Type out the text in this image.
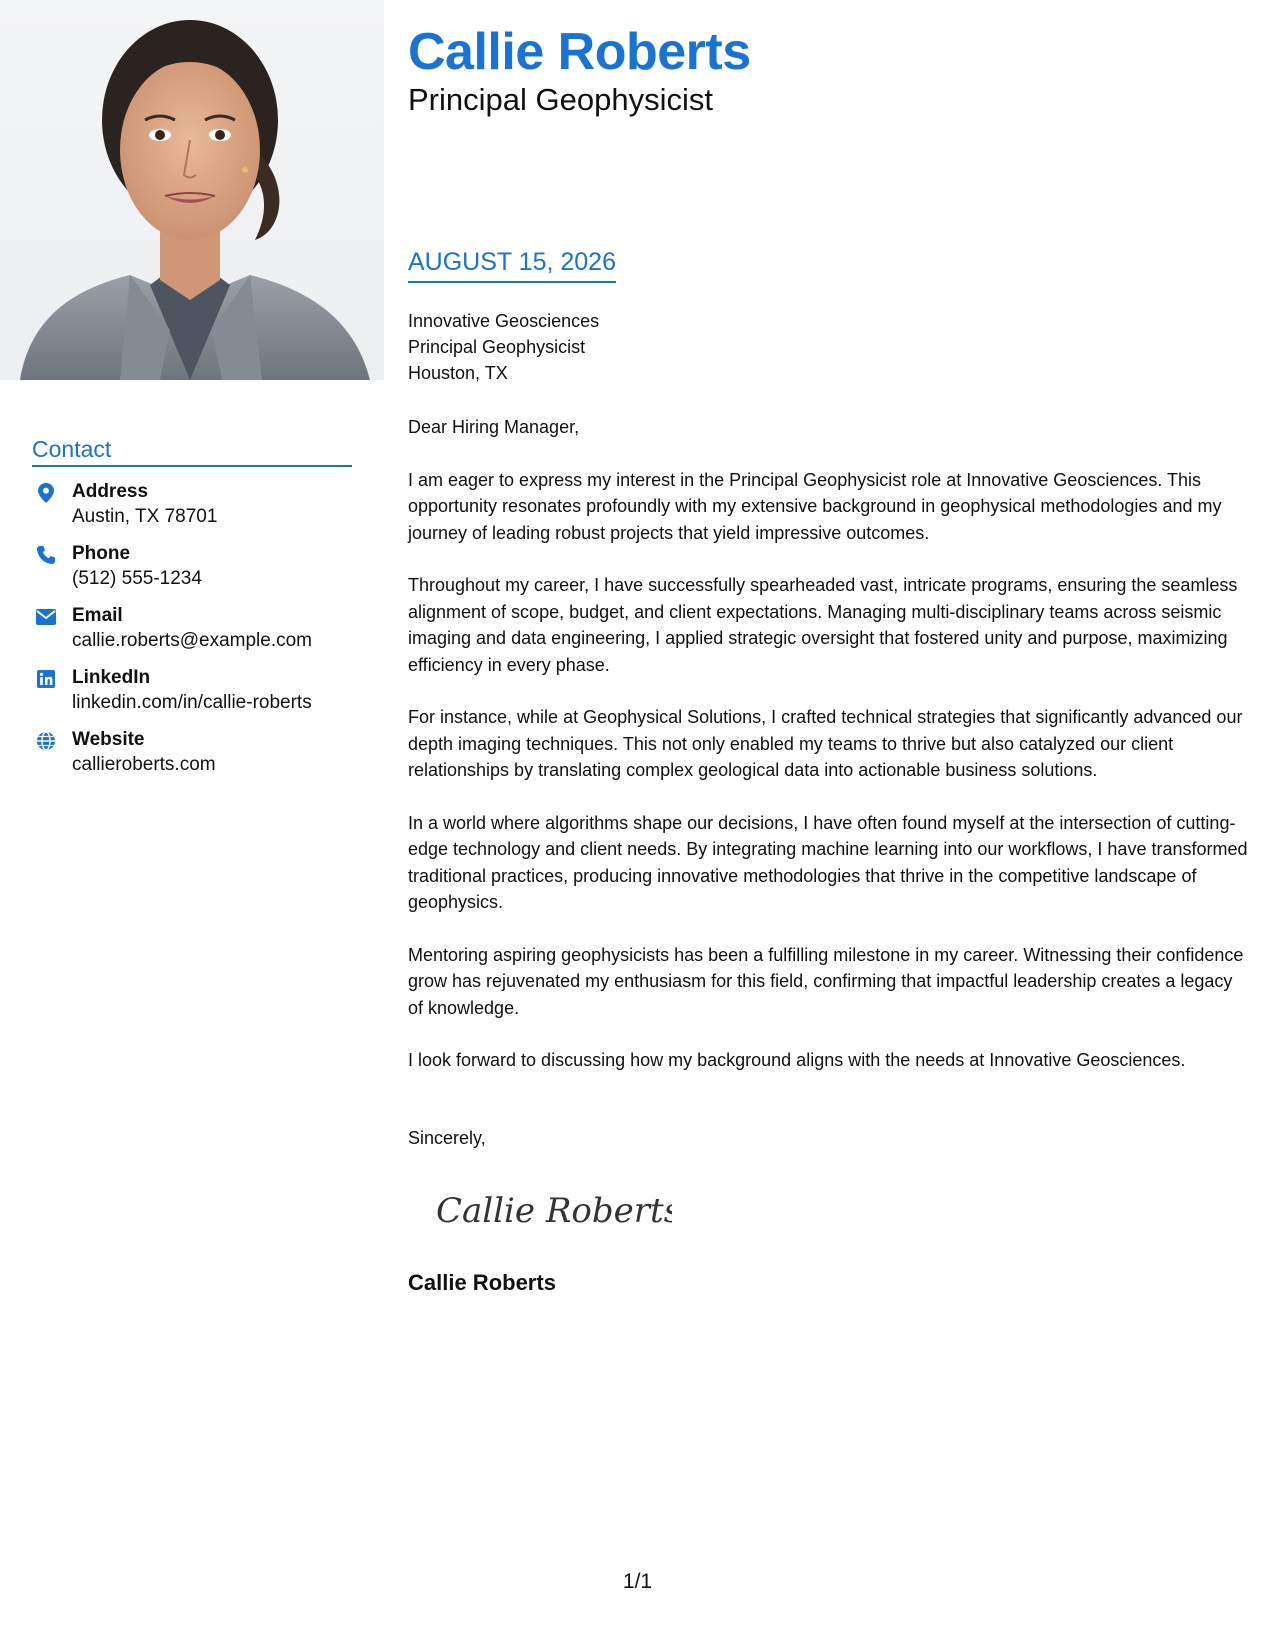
Contact
Address
Austin, TX 78701
Phone
(512) 555-1234
Email
callie.roberts@example.com
LinkedIn
linkedin.com/in/callie-roberts
Website
callieroberts.com
Callie Roberts
Principal Geophysicist
AUGUST 15, 2026
Innovative Geosciences
Principal Geophysicist
Houston, TX

Dear Hiring Manager,

I am eager to express my interest in the Principal Geophysicist role at Innovative Geosciences. This opportunity resonates profoundly with my extensive background in geophysical methodologies and my journey of leading robust projects that yield impressive outcomes.

Throughout my career, I have successfully spearheaded vast, intricate programs, ensuring the seamless alignment of scope, budget, and client expectations. Managing multi-disciplinary teams across seismic imaging and data engineering, I applied strategic oversight that fostered unity and purpose, maximizing efficiency in every phase.

For instance, while at Geophysical Solutions, I crafted technical strategies that significantly advanced our depth imaging techniques. This not only enabled my teams to thrive but also catalyzed our client relationships by translating complex geological data into actionable business solutions.

In a world where algorithms shape our decisions, I have often found myself at the intersection of cutting-edge technology and client needs. By integrating machine learning into our workflows, I have transformed traditional practices, producing innovative methodologies that thrive in the competitive landscape of geophysics.

Mentoring aspiring geophysicists has been a fulfilling milestone in my career. Witnessing their confidence grow has rejuvenated my enthusiasm for this field, confirming that impactful leadership creates a legacy of knowledge.

I look forward to discussing how my background aligns with the needs at Innovative Geosciences.

Sincerely,
Callie Roberts
Callie Roberts
1/1
